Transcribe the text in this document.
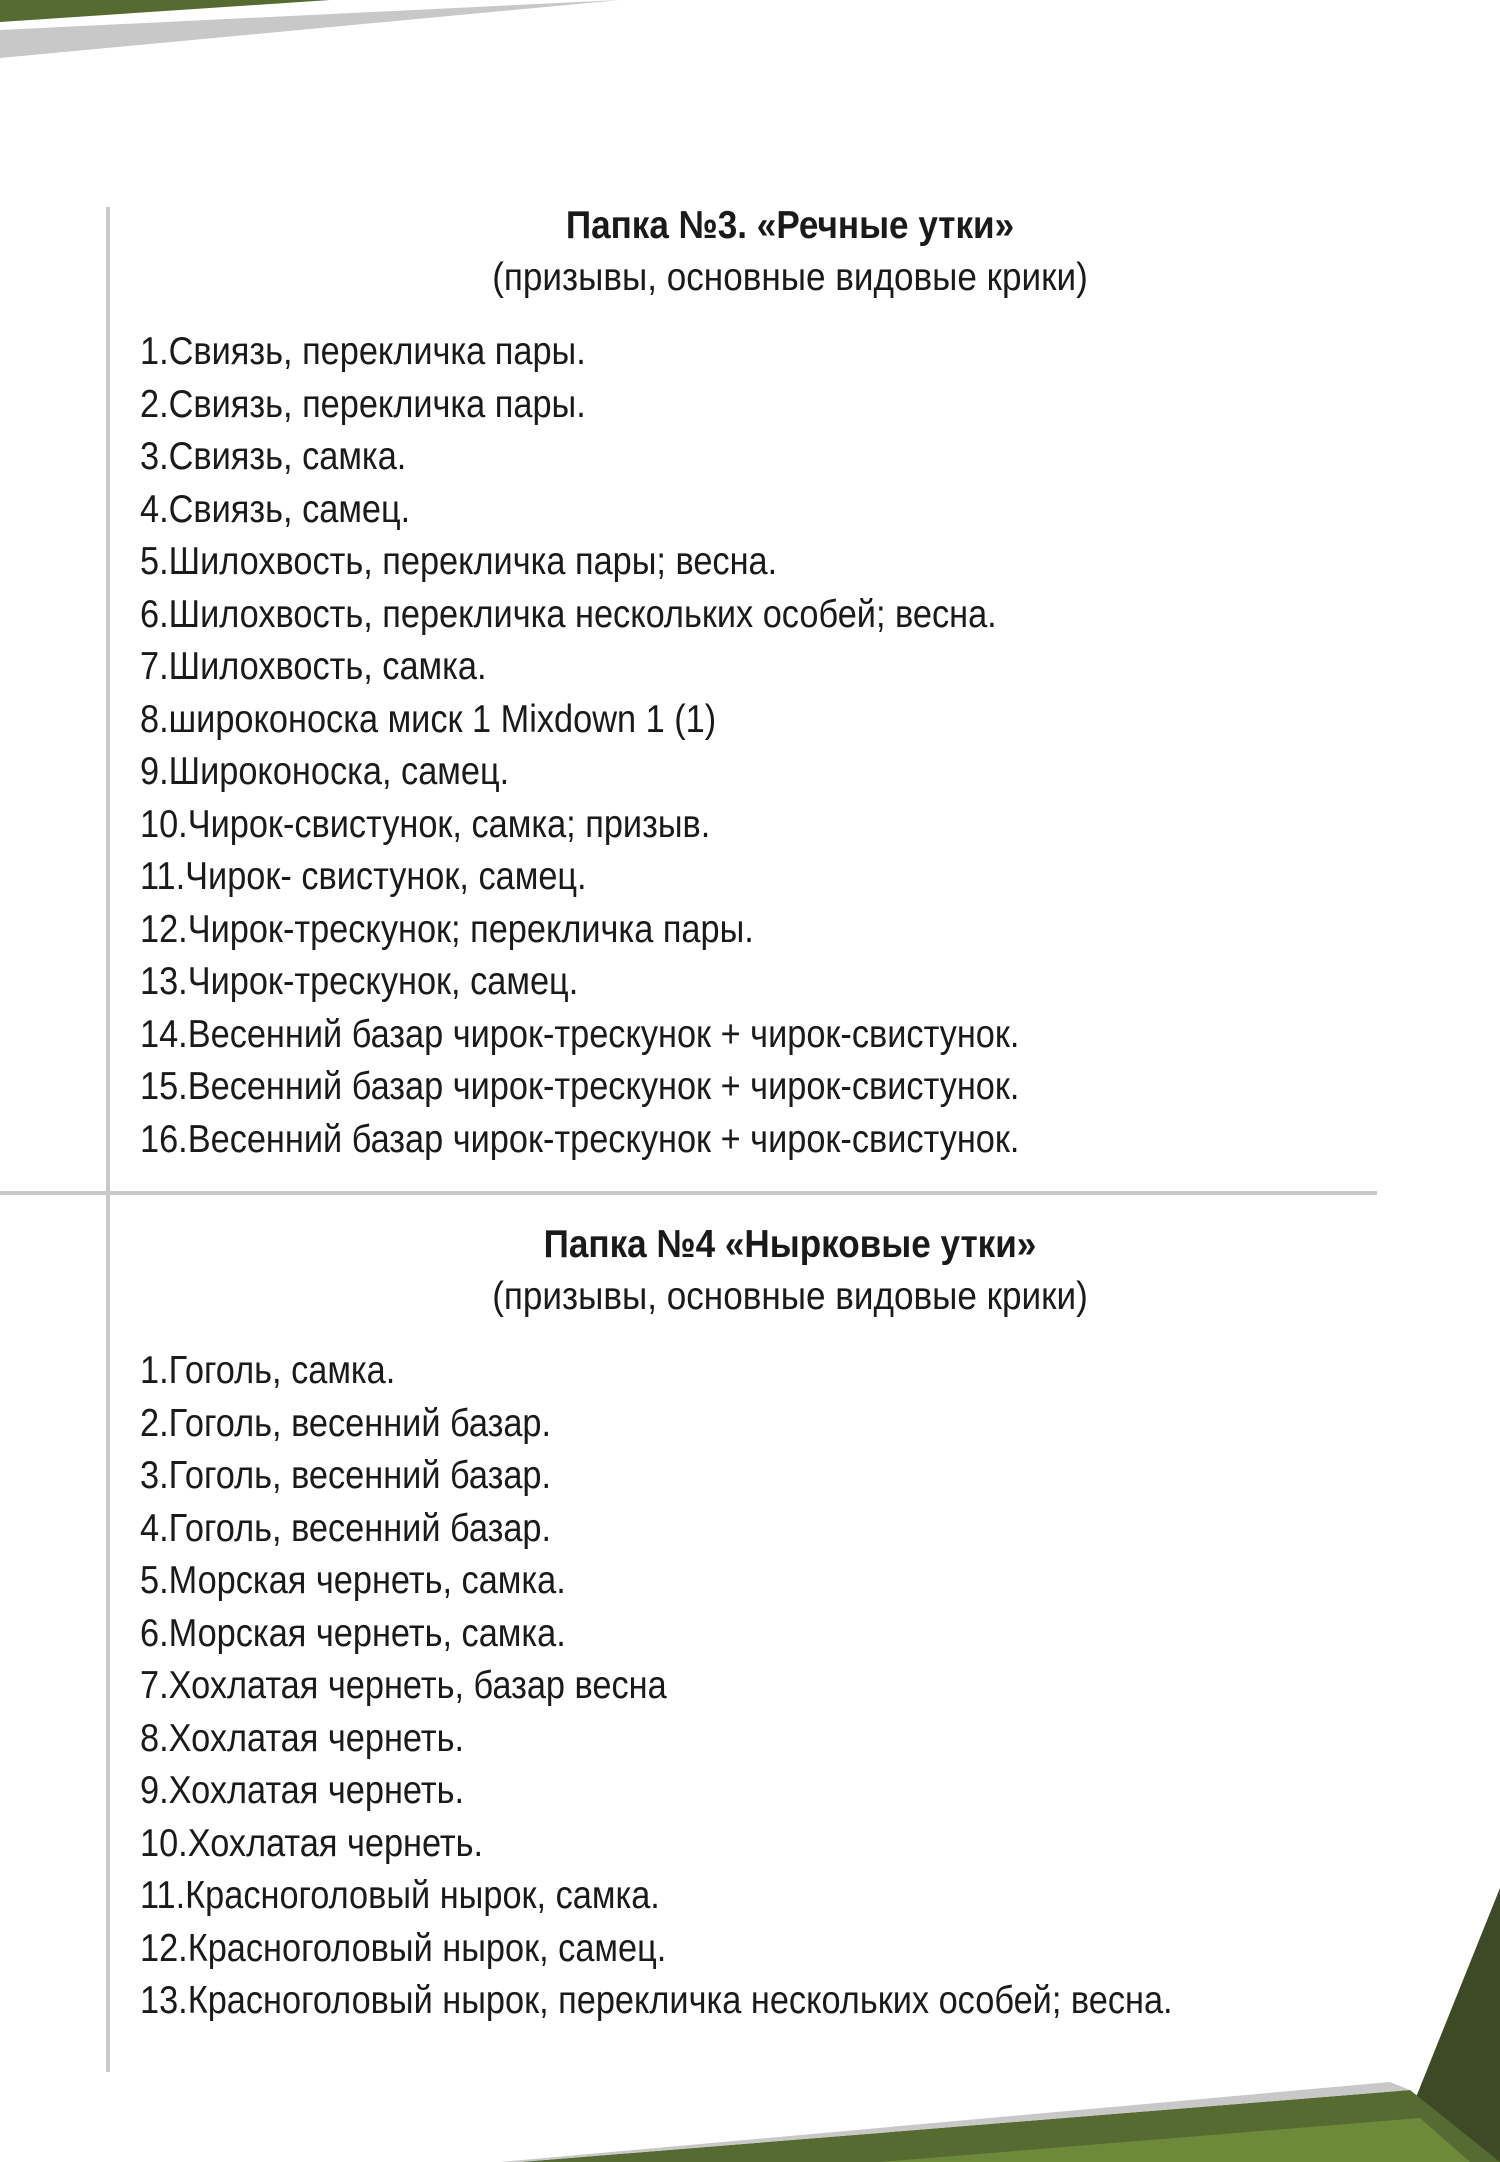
Папка №3. «Речные утки»
(призывы, основные видовые крики)
1.Свиязь, перекличка пары.
2.Свиязь, перекличка пары.
3.Свиязь, самка.
4.Свиязь, самец.
5.Шилохвость, перекличка пары; весна.
6.Шилохвость, перекличка нескольких особей; весна.
7.Шилохвость, самка.
8.широконоска миск 1 Mixdown 1 (1)
9.Широконоска, самец.
10.Чирок-свистунок, самка; призыв.
11.Чирок- свистунок, самец.
12.Чирок-трескунок; перекличка пары.
13.Чирок-трескунок, самец.
14.Весенний базар чирок-трескунок + чирок-свистунок.
15.Весенний базар чирок-трескунок + чирок-свистунок.
16.Весенний базар чирок-трескунок + чирок-свистунок.
Папка №4 «Нырковые утки»
(призывы, основные видовые крики)
1.Гоголь, самка.
2.Гоголь, весенний базар.
3.Гоголь, весенний базар.
4.Гоголь, весенний базар.
5.Морская чернеть, самка.
6.Морская чернеть, самка.
7.Хохлатая чернеть, базар весна
8.Хохлатая чернеть.
9.Хохлатая чернеть.
10.Хохлатая чернеть.
11.Красноголовый нырок, самка.
12.Красноголовый нырок, самец.
13.Красноголовый нырок, перекличка нескольких особей; весна.
